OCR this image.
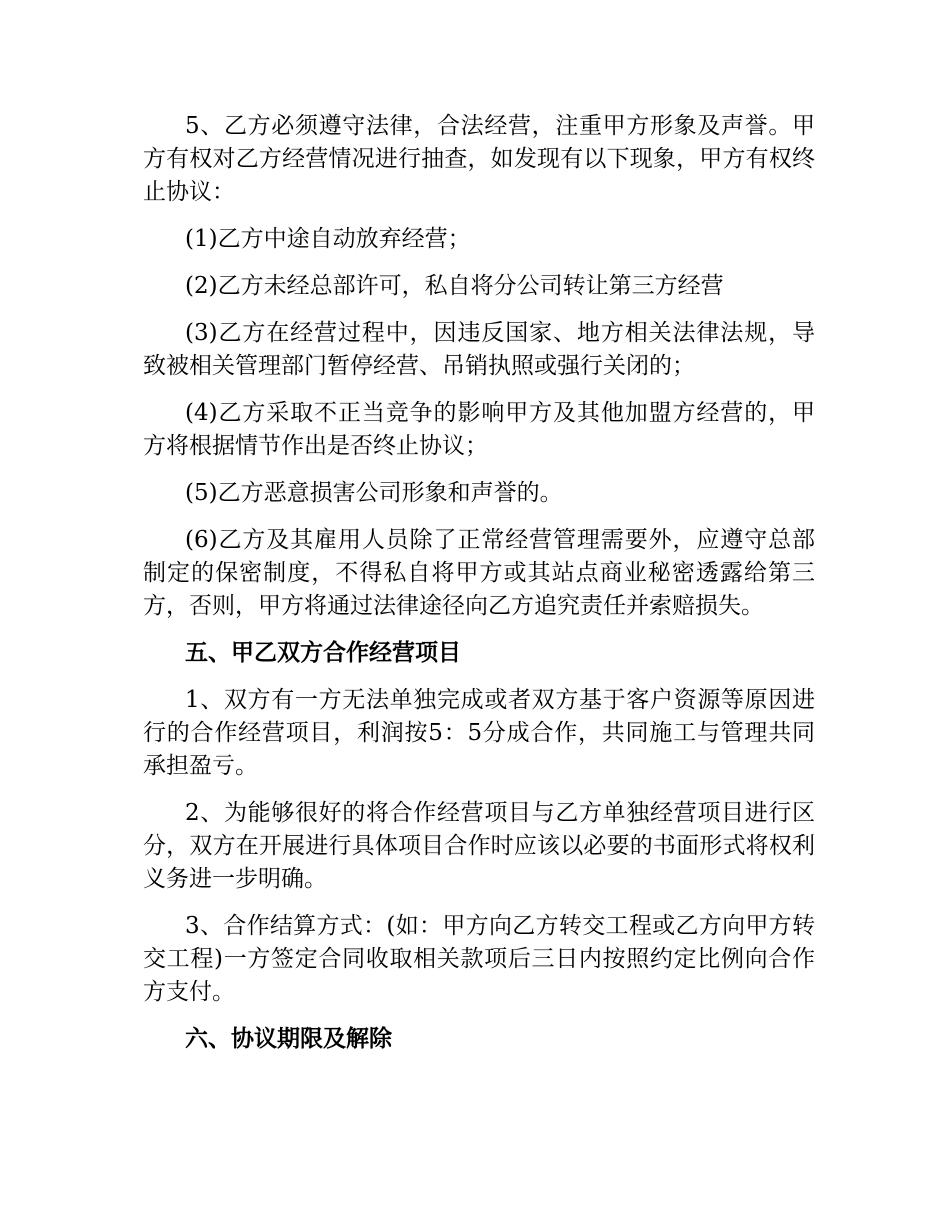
5、乙方必须遵守法律，合法经营，注重甲方形象及声誉。甲方有权对乙方经营情况进行抽查，如发现有以下现象，甲方有权终止协议：

(1)乙方中途自动放弃经营；

(2)乙方未经总部许可，私自将分公司转让第三方经营

(3)乙方在经营过程中，因违反国家、地方相关法律法规，导致被相关管理部门暂停经营、吊销执照或强行关闭的；

(4)乙方采取不正当竞争的影响甲方及其他加盟方经营的，甲方将根据情节作出是否终止协议；

(5)乙方恶意损害公司形象和声誉的。

(6)乙方及其雇用人员除了正常经营管理需要外，应遵守总部制定的保密制度，不得私自将甲方或其站点商业秘密透露给第三方，否则，甲方将通过法律途径向乙方追究责任并索赔损失。

五、甲乙双方合作经营项目

1、双方有一方无法单独完成或者双方基于客户资源等原因进行的合作经营项目，利润按5：5分成合作，共同施工与管理共同承担盈亏。

2、为能够很好的将合作经营项目与乙方单独经营项目进行区分，双方在开展进行具体项目合作时应该以必要的书面形式将权利义务进一步明确。

3、合作结算方式：(如：甲方向乙方转交工程或乙方向甲方转交工程)一方签定合同收取相关款项后三日内按照约定比例向合作方支付。

六、协议期限及解除
